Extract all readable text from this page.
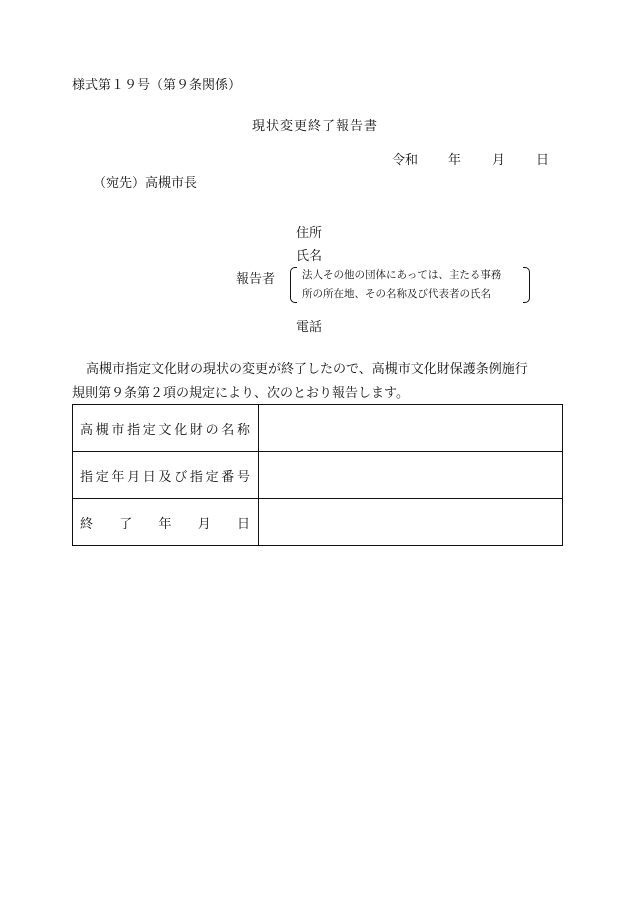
様式第１９号（第９条関係）
現状変更終了報告書
令和	年	月	日
（宛先）高槻市長
住所
氏名
報告者	法人その他の団体にあっては、主たる事務
所の所在地、その名称及び代表者の氏名
電話
高槻市指定文化財の現状の変更が終了したので、高槻市文化財保護条例施行
規則第９条第２項の規定により、次のとおり報告します。
高槻市指定文化財の名称	

指定年月日及び指定番号	

終了年月日	
